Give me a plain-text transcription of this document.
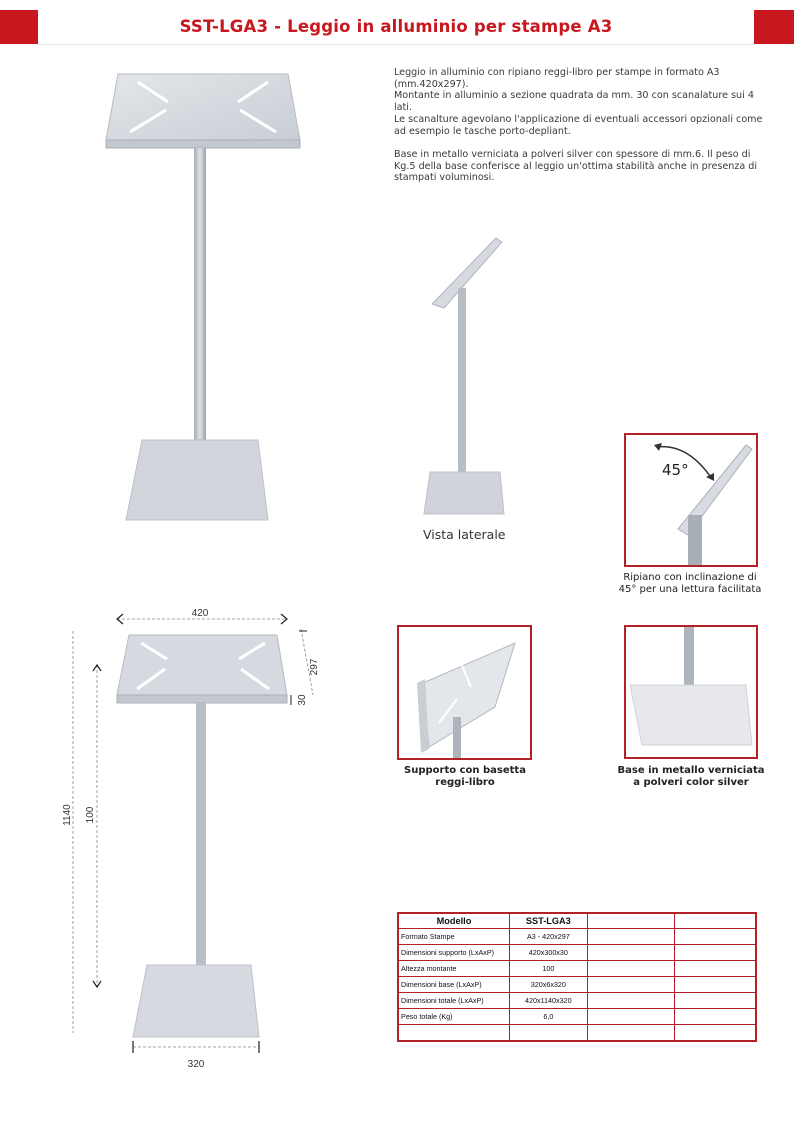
SST-LGA3 - Leggio in alluminio per stampe A3

Leggio in alluminio con ripiano reggi-libro per stampe in formato A3 (mm.420x297).
Montante in alluminio a sezione quadrata da mm. 30 con scanalature sui 4 lati.
Le scanalture agevolano l'applicazione di eventuali accessori opzionali come ad esempio le tasche porto-depliant.

Base in metallo verniciata a polveri silver con spessore di mm.6. Il peso di Kg.5 della base conferisce al leggio un'ottima stabilità anche in presenza di stampati voluminosi.

Vista laterale
45°
Ripiano con inclinazione di
45° per una lettura facilitata
Supporto con basetta
reggi-libro
Base in metallo verniciata
a polveri color silver
420
297
30
1140 100
320
Modello	SST-LGA3		
Formato Stampe	A3 - 420x297		
Dimensioni supporto (LxAxP)	420x300x30		
Altezza montante	100		
Dimensioni base (LxAxP)	320x6x320		
Dimensioni totale (LxAxP)	420x1140x320		
Peso totale (Kg)	6,0		
